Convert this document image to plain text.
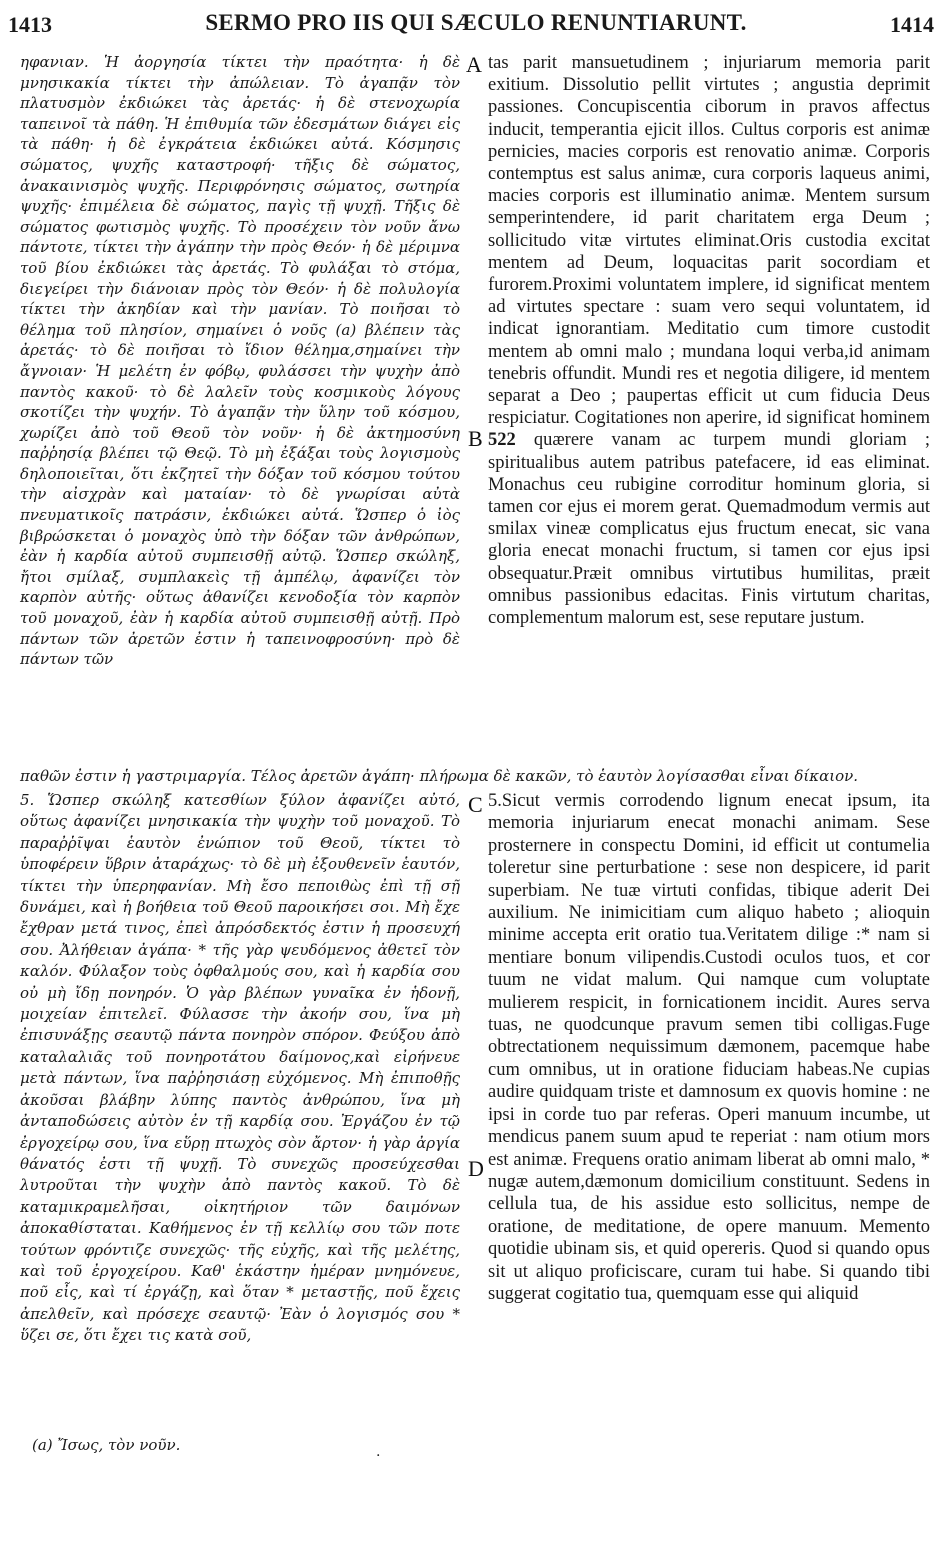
1413	SERMO PRO IIS QUI SÆCULO RENUNTIARUNT.	1414

ηφανιαν. Ἡ ἀοργησία τίκτει τὴν πραότητα· ἡ δὲ μνησικακία τίκτει τὴν ἀπώλειαν. Τὸ ἀγαπᾷν τὸν πλατυσμὸν ἐκδιώκει τὰς ἀρετάς· ἡ δὲ στενοχωρία ταπεινοῖ τὰ πάθη. Ἡ ἐπιθυμία τῶν ἐδεσμάτων διάγει εἰς τὰ πάθη· ἡ δὲ ἐγκράτεια ἐκδιώκει αὐτά. Κόσμησις σώματος, ψυχῆς καταστροφή· τῆξις δὲ σώματος, ἀνακαινισμὸς ψυχῆς. Περιφρόνησις σώματος, σωτηρία ψυχῆς· ἐπιμέλεια δὲ σώματος, παγὶς τῇ ψυχῇ. Τῆξις δὲ σώματος φωτισμὸς ψυχῆς. Τὸ προσέχειν τὸν νοῦν ἄνω πάντοτε, τίκτει τὴν ἀγάπην τὴν πρὸς Θεόν· ἡ δὲ μέριμνα τοῦ βίου ἐκδιώκει τὰς ἀρετάς. Τὸ φυλάξαι τὸ στόμα, διεγείρει τὴν διάνοιαν πρὸς τὸν Θεόν· ἡ δὲ πολυλογία τίκτει τὴν ἀκηδίαν καὶ τὴν μανίαν. Τὸ ποιῆσαι τὸ θέλημα τοῦ πλησίον, σημαίνει ὁ νοῦς (a) βλέπειν τὰς ἀρετάς· τὸ δὲ ποιῆσαι τὸ ἴδιον θέλημα,σημαίνει τὴν ἄγνοιαν· Ἡ μελέτη ἐν φόβῳ, φυλάσσει τὴν ψυχὴν ἀπὸ παντὸς κακοῦ· τὸ δὲ λαλεῖν τοὺς κοσμικοὺς λόγους σκοτίζει τὴν ψυχήν. Τὸ ἀγαπᾷν τὴν ὕλην τοῦ κόσμου, χωρίζει ἀπὸ τοῦ Θεοῦ τὸν νοῦν· ἡ δὲ ἀκτημοσύνη παῤῥησίᾳ βλέπει τῷ Θεῷ. Τὸ μὴ ἐξάξαι τοὺς λογισμοὺς δηλοποιεῖται, ὅτι ἐκζητεῖ τὴν δόξαν τοῦ κόσμου τούτου τὴν αἰσχρὰν καὶ ματαίαν· τὸ δὲ γνωρίσαι αὐτὰ πνευματικοῖς πατράσιν, ἐκδιώκει αὐτά. Ὥσπερ ὁ ἰὸς βιβρώσκεται ὁ μοναχὸς ὑπὸ τὴν δόξαν τῶν ἀνθρώπων, ἐὰν ἡ καρδία αὐτοῦ συμπεισθῇ αὐτῷ. Ὥσπερ σκώληξ, ἤτοι σμίλαξ, συμπλακεὶς τῇ ἀμπέλῳ, ἀφανίζει τὸν καρπὸν αὐτῆς· οὕτως ἀθανίζει κενοδοξία τὸν καρπὸν τοῦ μοναχοῦ, ἐὰν ἡ καρδία αὐτοῦ συμπεισθῇ αὐτῇ. Πρὸ πάντων τῶν ἀρετῶν ἐστιν ἡ ταπεινοφροσύνη· πρὸ δὲ πάντων τῶν

tas parit mansuetudinem ; injuriarum memoria parit exitium. Dissolutio pellit virtutes ; angustia deprimit passiones. Concupiscentia ciborum in pravos affectus inducit, temperantia ejicit illos. Cultus corporis est animæ pernicies, macies corporis est renovatio animæ. Corporis contemptus est salus animæ, cura corporis laqueus animi, macies corporis est illuminatio animæ. Mentem sursum semperintendere, id parit charitatem erga Deum ; sollicitudo vitæ virtutes eliminat.Oris custodia excitat mentem ad Deum, loquacitas parit socordiam et furorem.Proximi voluntatem implere, id significat mentem ad virtutes spectare : suam vero sequi voluntatem, id indicat ignorantiam. Meditatio cum timore custodit mentem ab omni malo ; mundana loqui verba,id animam tenebris offundit. Mundi res et negotia diligere, id mentem separat a Deo ; paupertas efficit ut cum fiducia Deus respiciatur. Cogitationes non aperire, id significat hominem 522 quærere vanam ac turpem mundi gloriam ; spiritualibus autem patribus patefacere, id eas eliminat. Monachus ceu rubigine corroditur hominum gloria, si tamen cor ejus ei morem gerat. Quemadmodum vermis aut smilax vineæ complicatus ejus fructum enecat, sic vana gloria enecat monachi fructum, si tamen cor ejus ipsi obsequatur.Præit omnibus virtutibus humilitas, præit omnibus passionibus edacitas. Finis virtutum charitas, complementum malorum est, sese reputare justum.

παθῶν ἐστιν ἡ γαστριμαργία. Τέλος ἀρετῶν ἀγάπη· πλήρωμα δὲ κακῶν, τὸ ἑαυτὸν λογίσασθαι εἶναι δίκαιον.

5. Ὥσπερ σκώληξ κατεσθίων ξύλον ἀφανίζει αὐτό, οὕτως ἀφανίζει μνησικακία τὴν ψυχὴν τοῦ μοναχοῦ. Τὸ παραῤῥῖψαι ἑαυτὸν ἐνώπιον τοῦ Θεοῦ, τίκτει τὸ ὑποφέρειν ὕβριν ἀταράχως· τὸ δὲ μὴ ἐξουθενεῖν ἑαυτόν, τίκτει τὴν ὑπερηφανίαν. Μὴ ἔσο πεποιθὼς ἐπὶ τῇ σῇ δυνάμει, καὶ ἡ βοήθεια τοῦ Θεοῦ παροικήσει σοι. Μὴ ἔχε ἔχθραν μετά τινος, ἐπεὶ ἀπρόσδεκτός ἐστιν ἡ προσευχή σου. Ἀλήθειαν ἀγάπα· * τῆς γὰρ ψευδόμενος ἀθετεῖ τὸν καλόν. Φύλαξον τοὺς ὀφθαλμούς σου, καὶ ἡ καρδία σου οὐ μὴ ἴδῃ πονηρόν. Ὁ γὰρ βλέπων γυναῖκα ἐν ἡδονῇ, μοιχείαν ἐπιτελεῖ. Φύλασσε τὴν ἀκοήν σου, ἵνα μὴ ἐπισυνάξῃς σεαυτῷ πάντα πονηρὸν σπόρον. Φεύξου ἀπὸ καταλαλιᾶς τοῦ πονηροτάτου δαίμονος,καὶ εἰρήνευε μετὰ πάντων, ἵνα παῤῥησιάσῃ εὐχόμενος. Μὴ ἐπιποθῇς ἀκοῦσαι βλάβην λύπης παντὸς ἀνθρώπου, ἵνα μὴ ἀνταποδώσεις αὐτὸν ἐν τῇ καρδίᾳ σου. Ἐργάζου ἐν τῷ ἐργοχείρῳ σου, ἵνα εὕρῃ πτωχὸς σὸν ἄρτον· ἡ γὰρ ἀργία θάνατός ἐστι τῇ ψυχῇ. Τὸ συνεχῶς προσεύχεσθαι λυτροῦται τὴν ψυχὴν ἀπὸ παντὸς κακοῦ. Τὸ δὲ καταμικραμελῆσαι, οἰκητήριον τῶν δαιμόνων ἀποκαθίσταται. Καθήμενος ἐν τῇ κελλίῳ σου τῶν ποτε τούτων φρόντιζε συνεχῶς· τῆς εὐχῆς, καὶ τῆς μελέτης, καὶ τοῦ ἐργοχείρου. Καθ' ἑκάστην ἡμέραν μνημόνευε, ποῦ εἶς, καὶ τί ἐργάζῃ, καὶ ὅταν * μεταστῇς, ποῦ ἔχεις ἀπελθεῖν, καὶ πρόσεχε σεαυτῷ· Ἐὰν ὁ λογισμός σου * ὕζει σε, ὅτι ἔχει τις κατὰ σοῦ,

5.Sicut vermis corrodendo lignum enecat ipsum, ita memoria injuriarum enecat monachi animam. Sese prosternere in conspectu Domini, id efficit ut contumelia toleretur sine perturbatione : sese non despicere, id parit superbiam. Ne tuæ virtuti confidas, tibique aderit Dei auxilium. Ne inimicitiam cum aliquo habeto ; alioquin minime accepta erit oratio tua.Veritatem dilige :* nam si mentiare bonum vilipendis.Custodi oculos tuos, et cor tuum ne vidat malum. Qui namque cum voluptate mulierem respicit, in fornicationem incidit. Aures serva tuas, ne quodcunque pravum semen tibi colligas.Fuge obtrectationem nequissimum dæmonem, pacemque habe cum omnibus, ut in oratione fiduciam habeas.Ne cupias audire quidquam triste et damnosum ex quovis homine : ne ipsi in corde tuo par referas. Operi manuum incumbe, ut mendicus panem suum apud te reperiat : nam otium mors est animæ. Frequens oratio animam liberat ab omni malo, * nugæ autem,dæmonum domicilium constituunt. Sedens in cellula tua, de his assidue esto sollicitus, nempe de oratione, de meditatione, de opere manuum. Memento quotidie ubinam sis, et quid opereris. Quod si quando opus sit ut aliquo proficiscare, curam tui habe. Si quando tibi suggerat cogitatio tua, quemquam esse qui aliquid

A
B
C
D
(a) Ἴσως, τὸν νοῦν.	.
